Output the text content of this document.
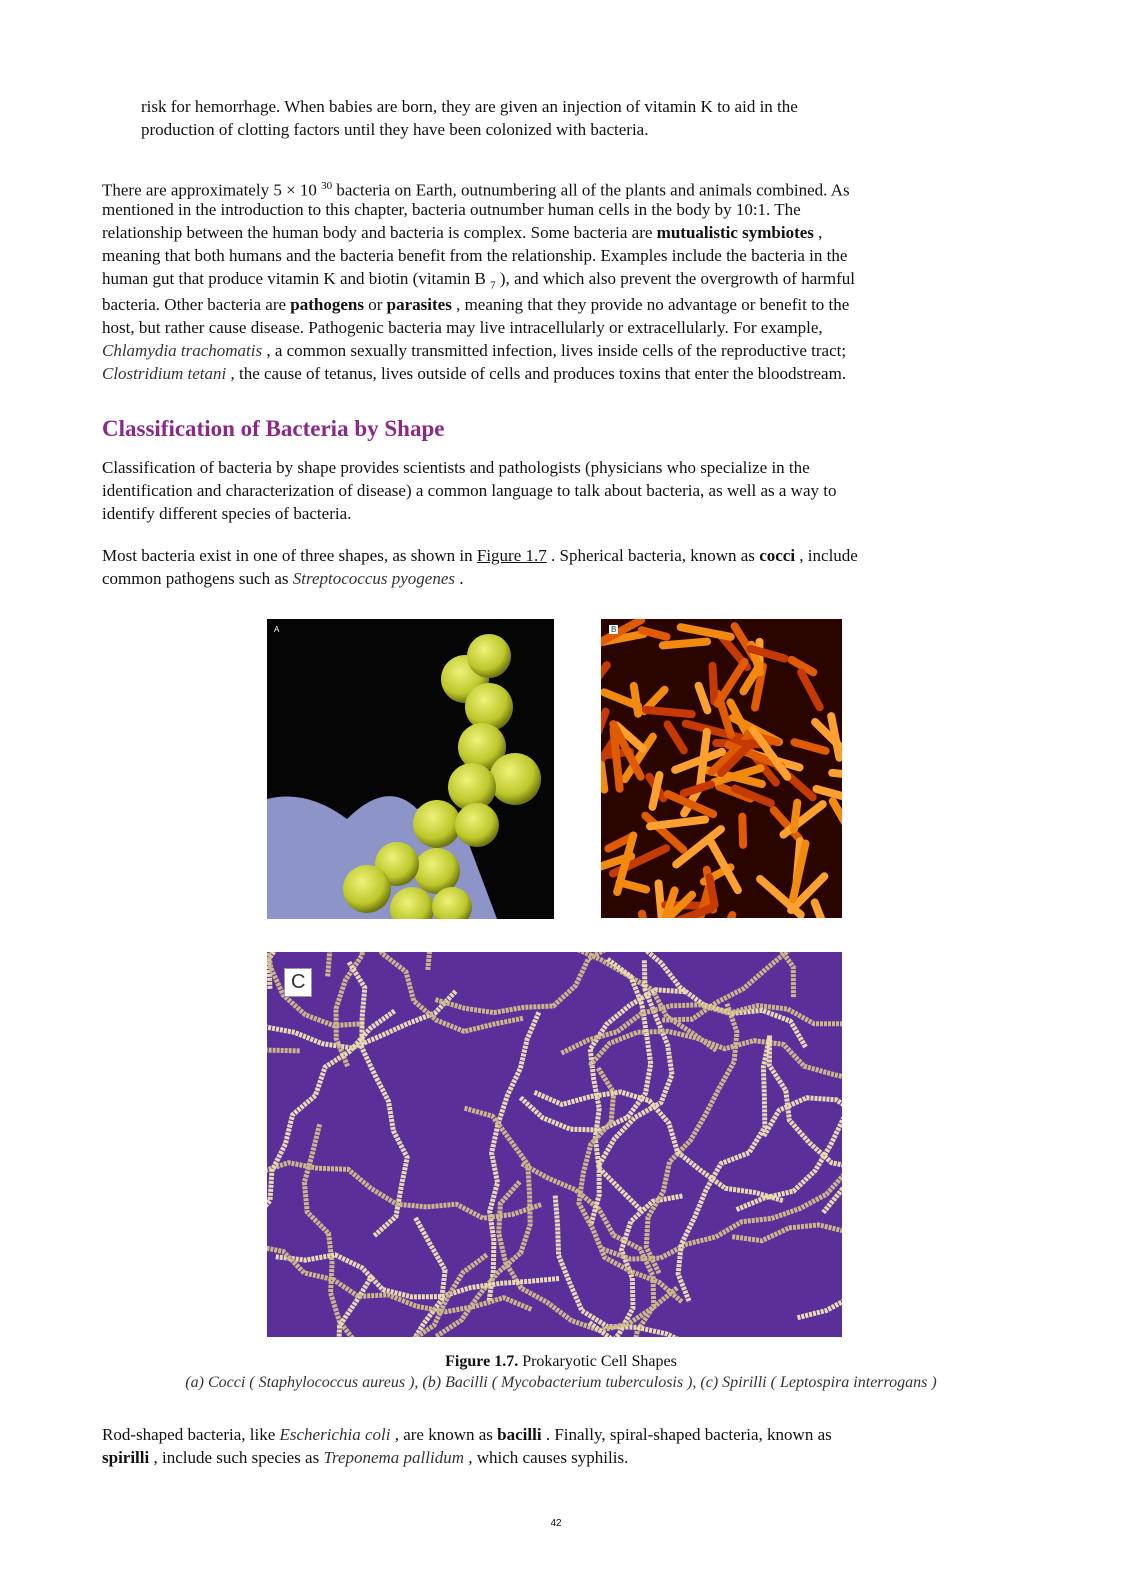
risk for hemorrhage. When babies are born, they are given an injection of vitamin K to aid in the
production of clotting factors until they have been colonized with bacteria.
There are approximately 5 × 10 $^{30}$ bacteria on Earth, outnumbering all of the plants and animals combined. As
mentioned in the introduction to this chapter, bacteria outnumber human cells in the body by 10:1. The
relationship between the human body and bacteria is complex. Some bacteria are mutualistic symbiotes ,
meaning that both humans and the bacteria benefit from the relationship. Examples include the bacteria in the
human gut that produce vitamin K and biotin (vitamin B $_7$ ), and which also prevent the overgrowth of harmful
bacteria. Other bacteria are pathogens or parasites , meaning that they provide no advantage or benefit to the
host, but rather cause disease. Pathogenic bacteria may live intracellularly or extracellularly. For example,
Chlamydia trachomatis , a common sexually transmitted infection, lives inside cells of the reproductive tract;
Clostridium tetani , the cause of tetanus, lives outside of cells and produces toxins that enter the bloodstream.
Classification of Bacteria by Shape
Classification of bacteria by shape provides scientists and pathologists (physicians who specialize in the
identification and characterization of disease) a common language to talk about bacteria, as well as a way to
identify different species of bacteria.
Most bacteria exist in one of three shapes, as shown in Figure 1.7 . Spherical bacteria, known as cocci , include
common pathogens such as Streptococcus pyogenes .
A	B
C
Figure 1.7. Prokaryotic Cell Shapes
(a) Cocci ( Staphylococcus aureus ), (b) Bacilli ( Mycobacterium tuberculosis ), (c) Spirilli ( Leptospira interrogans )
Rod-shaped bacteria, like Escherichia coli , are known as bacilli . Finally, spiral-shaped bacteria, known as
spirilli , include such species as Treponema pallidum , which causes syphilis.
42
